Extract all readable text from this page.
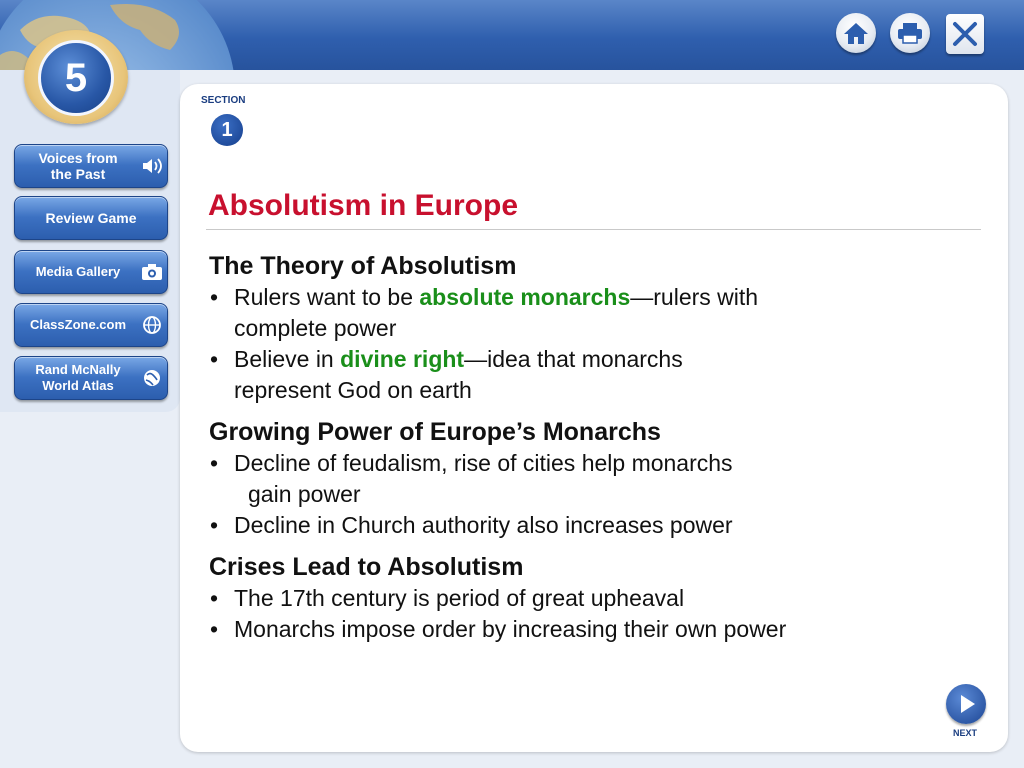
5
Voices from
the Past
Review Game
Media Gallery
ClassZone.com
Rand McNally
World Atlas
SECTION
1
Absolutism in Europe
The Theory of Absolutism
• Rulers want to be absolute monarchs—rulers with
complete power
• Believe in divine right—idea that monarchs
represent God on earth
Growing Power of Europe’s Monarchs
• Decline of feudalism, rise of cities help monarchs
gain power
• Decline in Church authority also increases power
Crises Lead to Absolutism
• The 17th century is period of great upheaval
• Monarchs impose order by increasing their own power
NEXT
